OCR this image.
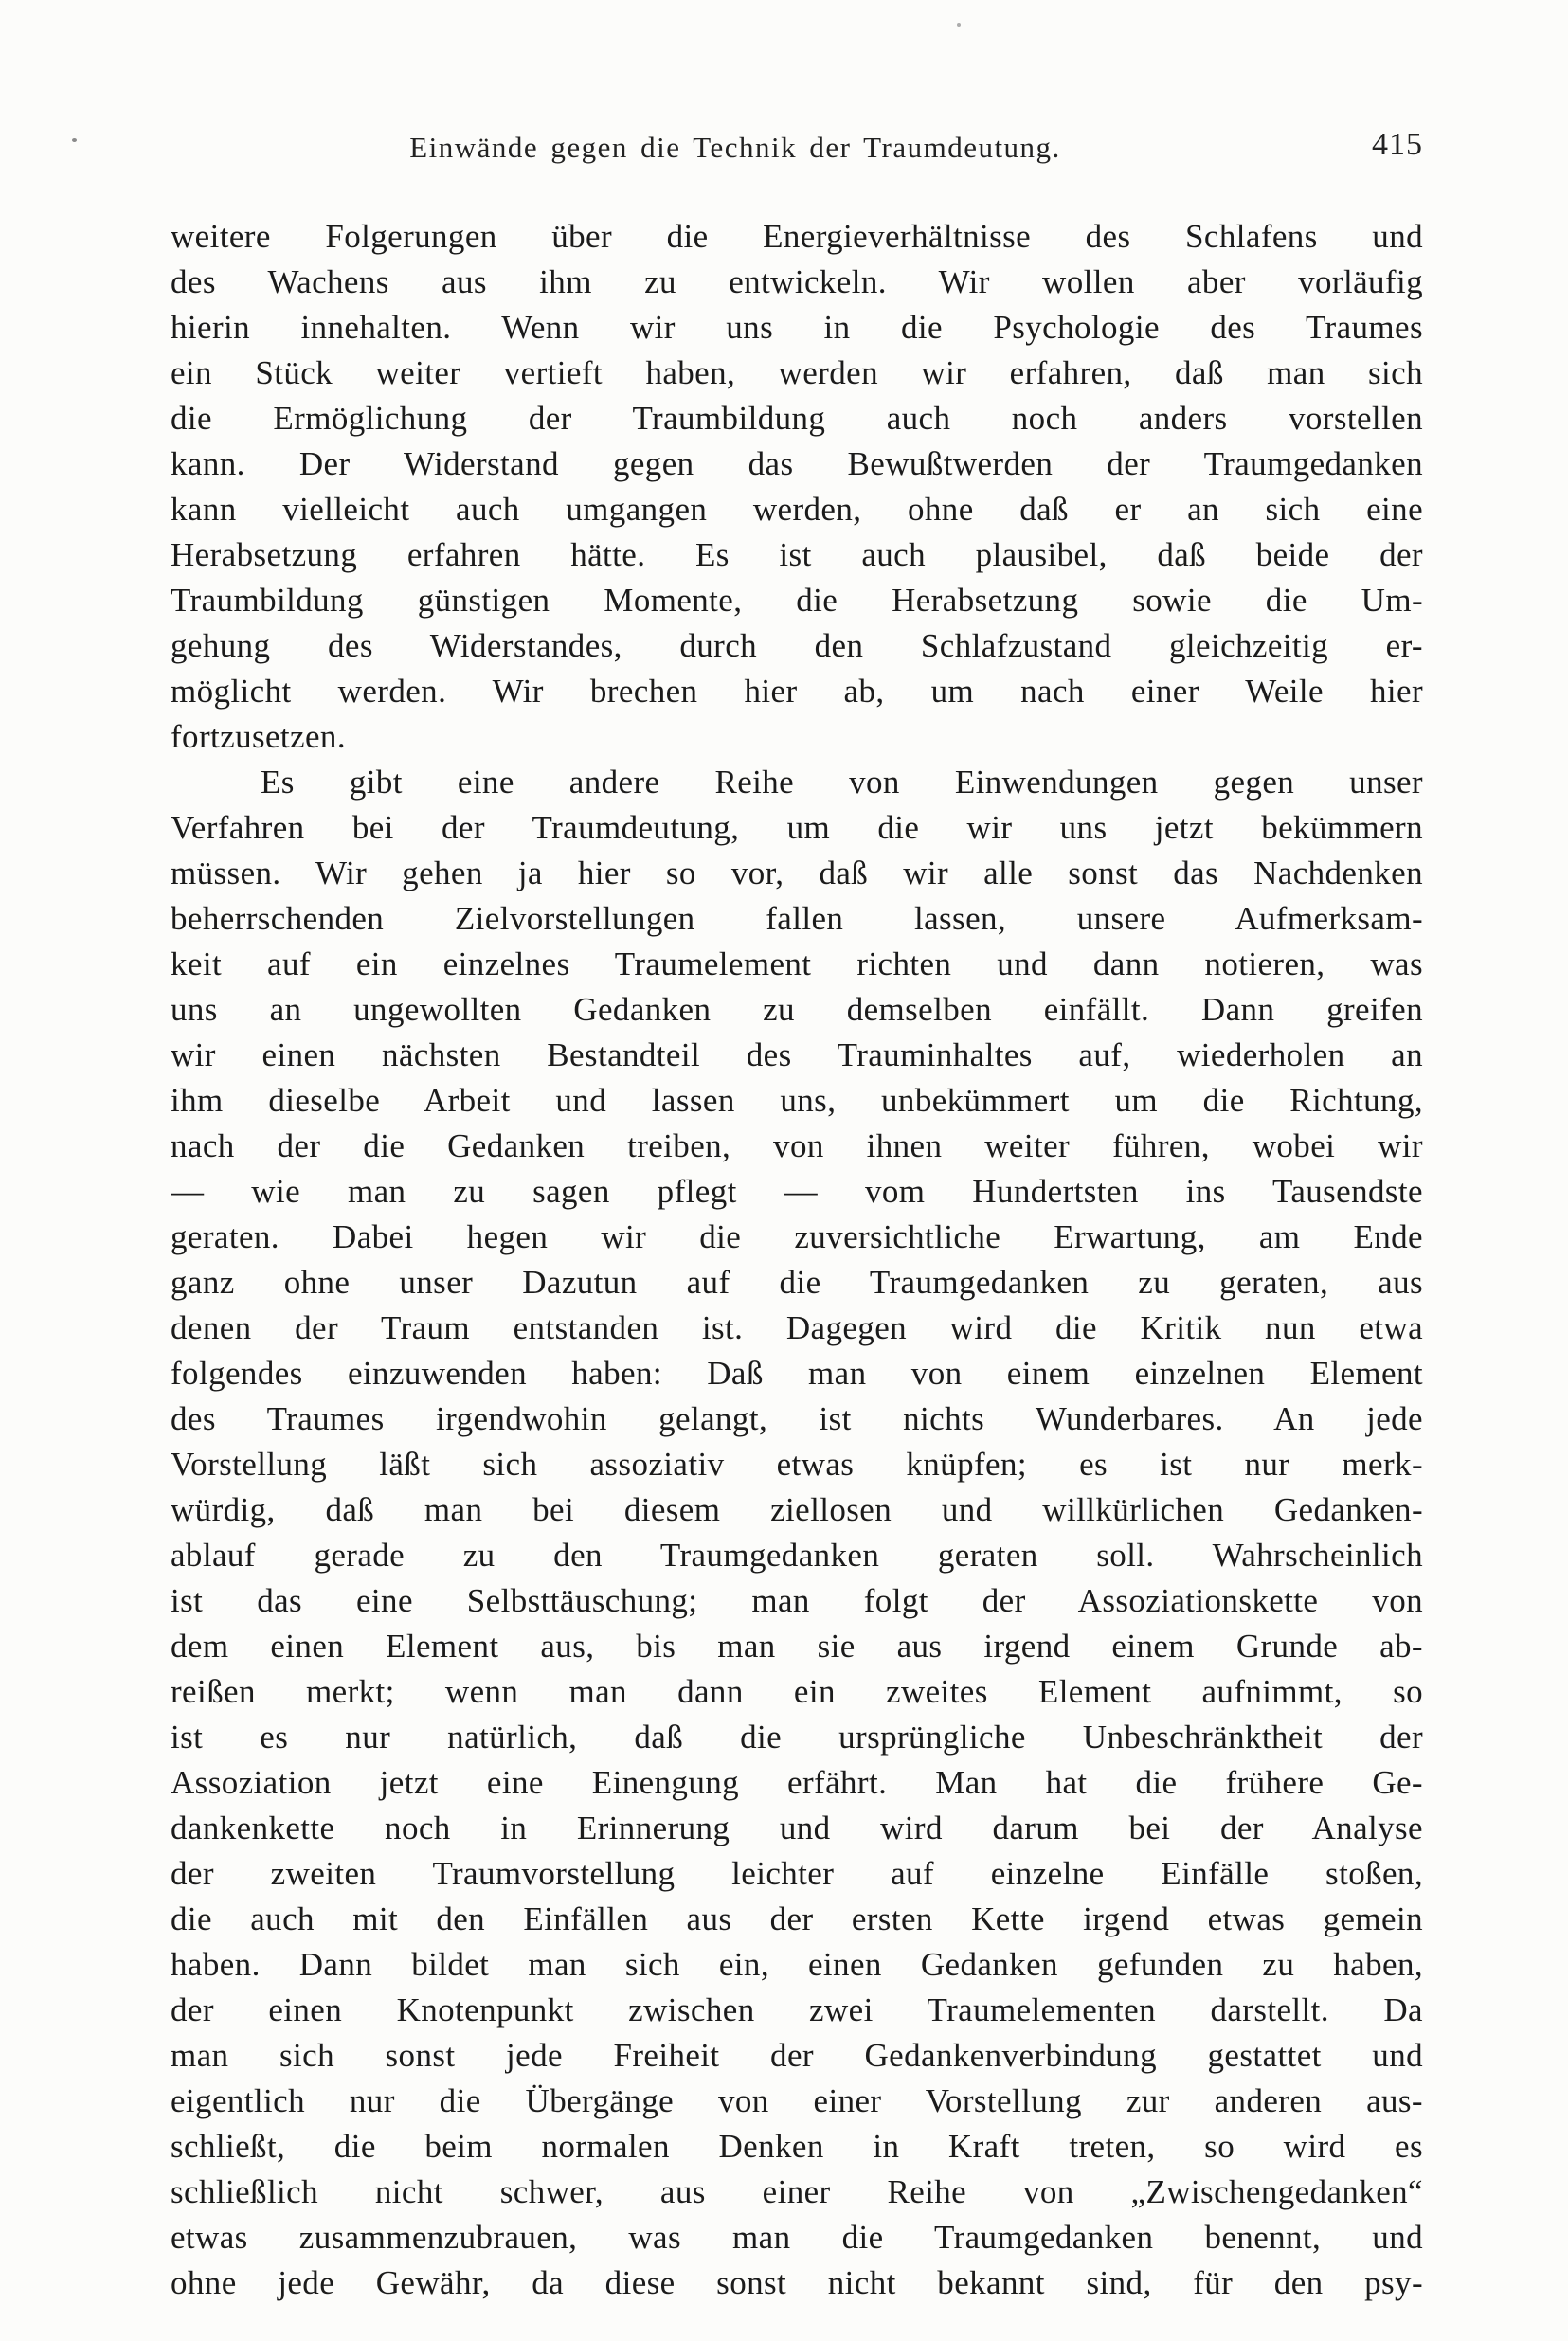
Einwände gegen die Technik der Traumdeutung.	415
weitere Folgerungen über die Energieverhältnisse des Schlafens und
des Wachens aus ihm zu entwickeln. Wir wollen aber vorläufig
hierin innehalten. Wenn wir uns in die Psychologie des Traumes
ein Stück weiter vertieft haben, werden wir erfahren, daß man sich
die Ermöglichung der Traumbildung auch noch anders vorstellen
kann. Der Widerstand gegen das Bewußtwerden der Traumgedanken
kann vielleicht auch umgangen werden, ohne daß er an sich eine
Herabsetzung erfahren hätte. Es ist auch plausibel, daß beide der
Traumbildung günstigen Momente, die Herabsetzung sowie die Um-
gehung des Widerstandes, durch den Schlafzustand gleichzeitig er-
möglicht werden. Wir brechen hier ab, um nach einer Weile hier
fortzusetzen.
Es gibt eine andere Reihe von Einwendungen gegen unser
Verfahren bei der Traumdeutung, um die wir uns jetzt bekümmern
müssen. Wir gehen ja hier so vor, daß wir alle sonst das Nachdenken
beherrschenden Zielvorstellungen fallen lassen, unsere Aufmerksam-
keit auf ein einzelnes Traumelement richten und dann notieren, was
uns an ungewollten Gedanken zu demselben einfällt. Dann greifen
wir einen nächsten Bestandteil des Trauminhaltes auf, wiederholen an
ihm dieselbe Arbeit und lassen uns, unbekümmert um die Richtung,
nach der die Gedanken treiben, von ihnen weiter führen, wobei wir
— wie man zu sagen pflegt — vom Hundertsten ins Tausendste
geraten. Dabei hegen wir die zuversichtliche Erwartung, am Ende
ganz ohne unser Dazutun auf die Traumgedanken zu geraten, aus
denen der Traum entstanden ist. Dagegen wird die Kritik nun etwa
folgendes einzuwenden haben: Daß man von einem einzelnen Element
des Traumes irgendwohin gelangt, ist nichts Wunderbares. An jede
Vorstellung läßt sich assoziativ etwas knüpfen; es ist nur merk-
würdig, daß man bei diesem ziellosen und willkürlichen Gedanken-
ablauf gerade zu den Traumgedanken geraten soll. Wahrscheinlich
ist das eine Selbsttäuschung; man folgt der Assoziationskette von
dem einen Element aus, bis man sie aus irgend einem Grunde ab-
reißen merkt; wenn man dann ein zweites Element aufnimmt, so
ist es nur natürlich, daß die ursprüngliche Unbeschränktheit der
Assoziation jetzt eine Einengung erfährt. Man hat die frühere Ge-
dankenkette noch in Erinnerung und wird darum bei der Analyse
der zweiten Traumvorstellung leichter auf einzelne Einfälle stoßen,
die auch mit den Einfällen aus der ersten Kette irgend etwas gemein
haben. Dann bildet man sich ein, einen Gedanken gefunden zu haben,
der einen Knotenpunkt zwischen zwei Traumelementen darstellt. Da
man sich sonst jede Freiheit der Gedankenverbindung gestattet und
eigentlich nur die Übergänge von einer Vorstellung zur anderen aus-
schließt, die beim normalen Denken in Kraft treten, so wird es
schließlich nicht schwer, aus einer Reihe von „Zwischengedanken“
etwas zusammenzubrauen, was man die Traumgedanken benennt, und
ohne jede Gewähr, da diese sonst nicht bekannt sind, für den psy-
